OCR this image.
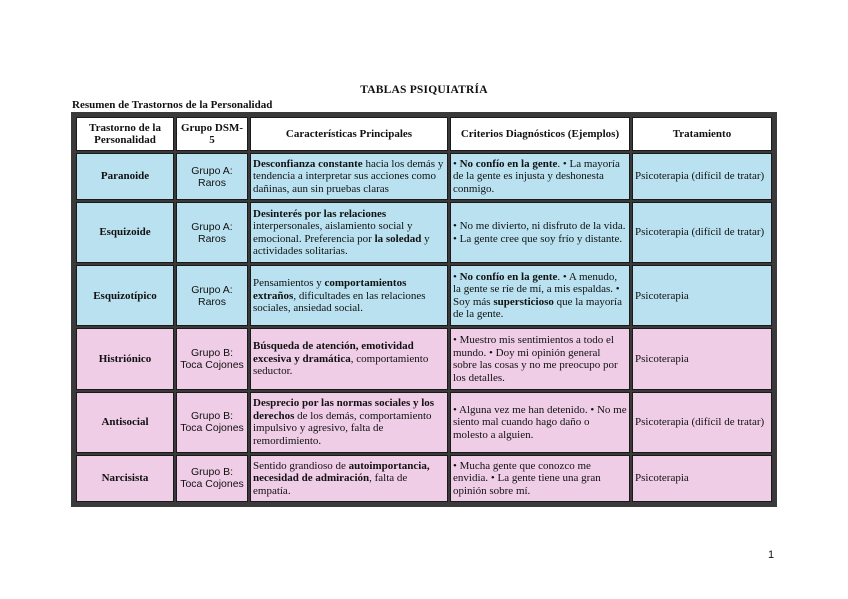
TABLAS PSIQUIATRÍA
Resumen de Trastornos de la Personalidad
Trastorno de la Personalidad	Grupo DSM-5	Características Principales	Criterios Diagnósticos (Ejemplos)	Tratamiento
Paranoide	Grupo A: Raros	Desconfianza constante hacia los demás y tendencia a interpretar sus acciones como dañinas, aun sin pruebas claras	• No confío en la gente. • La mayoría de la gente es injusta y deshonesta conmigo.	Psicoterapia (difícil de tratar)
Esquizoide	Grupo A: Raros	Desinterés por las relaciones interpersonales, aislamiento social y emocional. Preferencia por la soledad y actividades solitarias.	• No me divierto, ni disfruto de la vida. • La gente cree que soy frío y distante.	Psicoterapia (difícil de tratar)
Esquizotípico	Grupo A: Raros	Pensamientos y comportamientos extraños, dificultades en las relaciones sociales, ansiedad social.	• No confío en la gente. • A menudo, la gente se ríe de mí, a mis espaldas. • Soy más supersticioso que la mayoría de la gente.	Psicoterapia
Histriónico	Grupo B: Toca Cojones	Búsqueda de atención, emotividad excesiva y dramática, comportamiento seductor.	• Muestro mis sentimientos a todo el mundo. • Doy mi opinión general sobre las cosas y no me preocupo por los detalles.	Psicoterapia
Antisocial	Grupo B: Toca Cojones	Desprecio por las normas sociales y los derechos de los demás, comportamiento impulsivo y agresivo, falta de remordimiento.	• Alguna vez me han detenido. • No me siento mal cuando hago daño o molesto a alguien.	Psicoterapia (difícil de tratar)
Narcisista	Grupo B: Toca Cojones	Sentido grandioso de autoimportancia, necesidad de admiración, falta de empatía.	• Mucha gente que conozco me envidia. • La gente tiene una gran opinión sobre mí.	Psicoterapia
1
